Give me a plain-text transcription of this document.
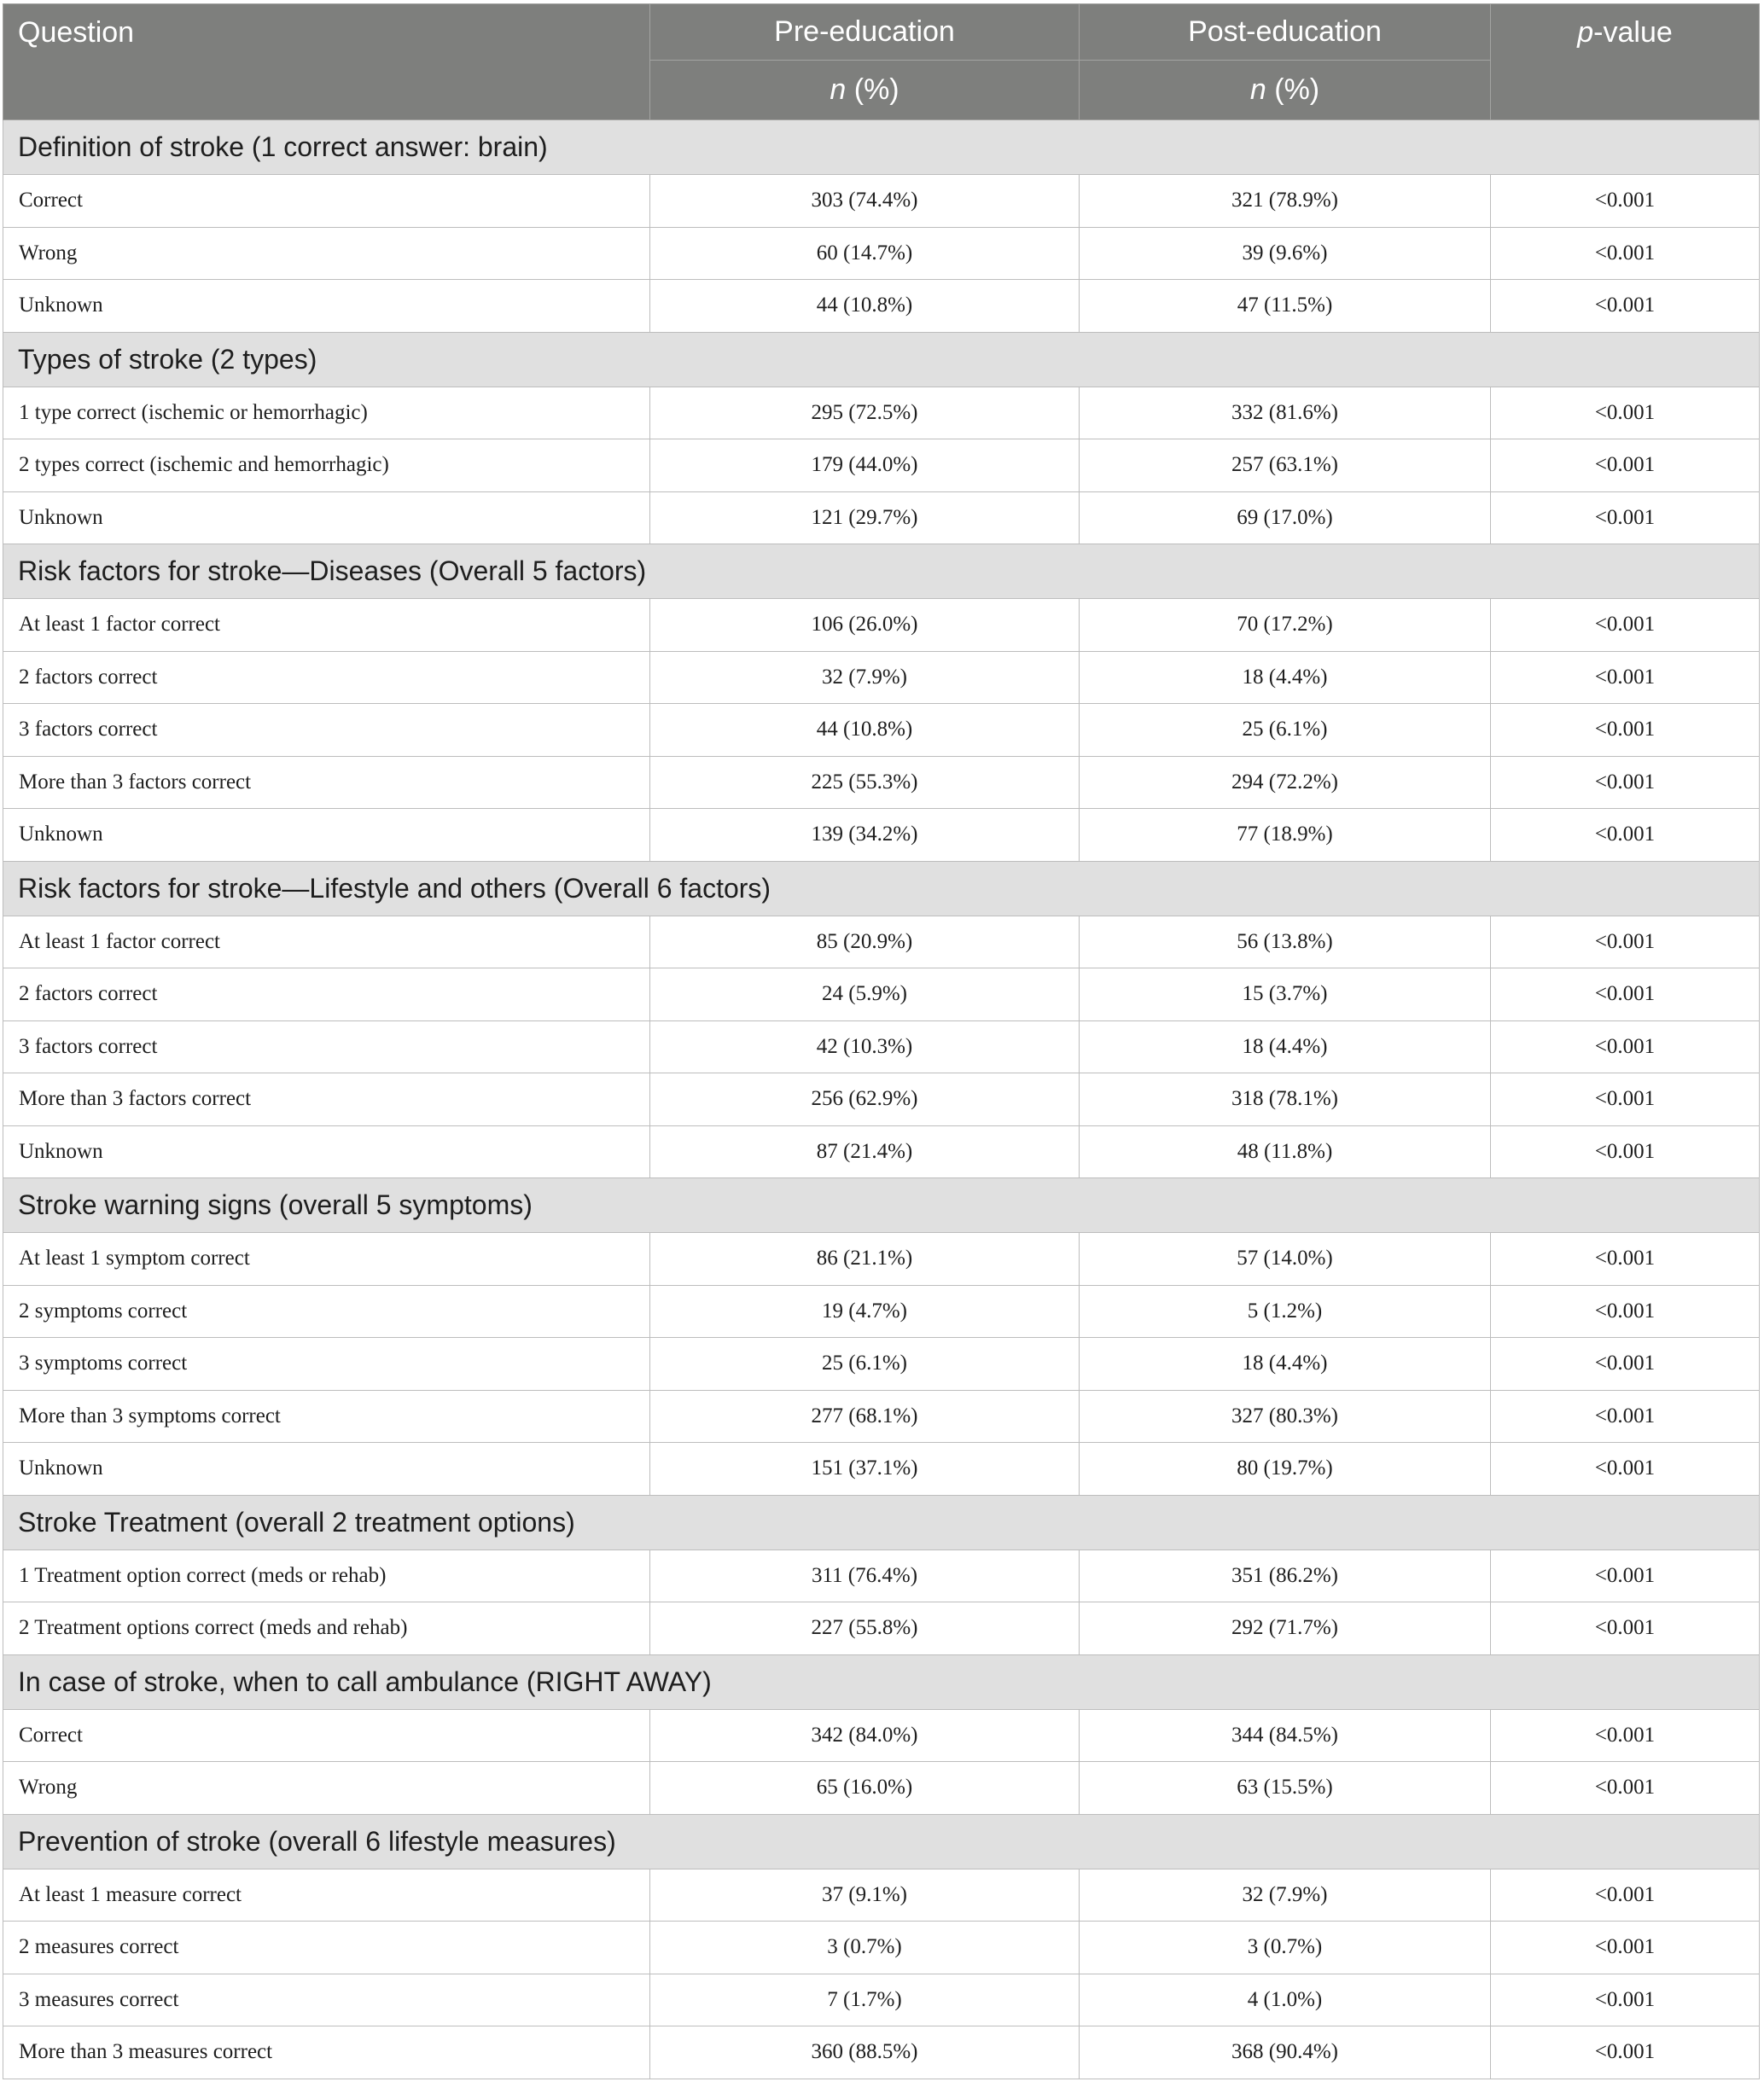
Question	Pre-education	Post-education	p-value
	n (%)	n (%)	
Definition of stroke (1 correct answer: brain)			
Correct	303 (74.4%)	321 (78.9%)	<0.001
Wrong	60 (14.7%)	39 (9.6%)	<0.001
Unknown	44 (10.8%)	47 (11.5%)	<0.001
Types of stroke (2 types)			
1 type correct (ischemic or hemorrhagic)	295 (72.5%)	332 (81.6%)	<0.001
2 types correct (ischemic and hemorrhagic)	179 (44.0%)	257 (63.1%)	<0.001
Unknown	121 (29.7%)	69 (17.0%)	<0.001
Risk factors for stroke—Diseases (Overall 5 factors)			
At least 1 factor correct	106 (26.0%)	70 (17.2%)	<0.001
2 factors correct	32 (7.9%)	18 (4.4%)	<0.001
3 factors correct	44 (10.8%)	25 (6.1%)	<0.001
More than 3 factors correct	225 (55.3%)	294 (72.2%)	<0.001
Unknown	139 (34.2%)	77 (18.9%)	<0.001
Risk factors for stroke—Lifestyle and others (Overall 6 factors)			
At least 1 factor correct	85 (20.9%)	56 (13.8%)	<0.001
2 factors correct	24 (5.9%)	15 (3.7%)	<0.001
3 factors correct	42 (10.3%)	18 (4.4%)	<0.001
More than 3 factors correct	256 (62.9%)	318 (78.1%)	<0.001
Unknown	87 (21.4%)	48 (11.8%)	<0.001
Stroke warning signs (overall 5 symptoms)			
At least 1 symptom correct	86 (21.1%)	57 (14.0%)	<0.001
2 symptoms correct	19 (4.7%)	5 (1.2%)	<0.001
3 symptoms correct	25 (6.1%)	18 (4.4%)	<0.001
More than 3 symptoms correct	277 (68.1%)	327 (80.3%)	<0.001
Unknown	151 (37.1%)	80 (19.7%)	<0.001
Stroke Treatment (overall 2 treatment options)			
1 Treatment option correct (meds or rehab)	311 (76.4%)	351 (86.2%)	<0.001
2 Treatment options correct (meds and rehab)	227 (55.8%)	292 (71.7%)	<0.001
In case of stroke, when to call ambulance (RIGHT AWAY)			
Correct	342 (84.0%)	344 (84.5%)	<0.001
Wrong	65 (16.0%)	63 (15.5%)	<0.001
Prevention of stroke (overall 6 lifestyle measures)			
At least 1 measure correct	37 (9.1%)	32 (7.9%)	<0.001
2 measures correct	3 (0.7%)	3 (0.7%)	<0.001
3 measures correct	7 (1.7%)	4 (1.0%)	<0.001
More than 3 measures correct	360 (88.5%)	368 (90.4%)	<0.001
